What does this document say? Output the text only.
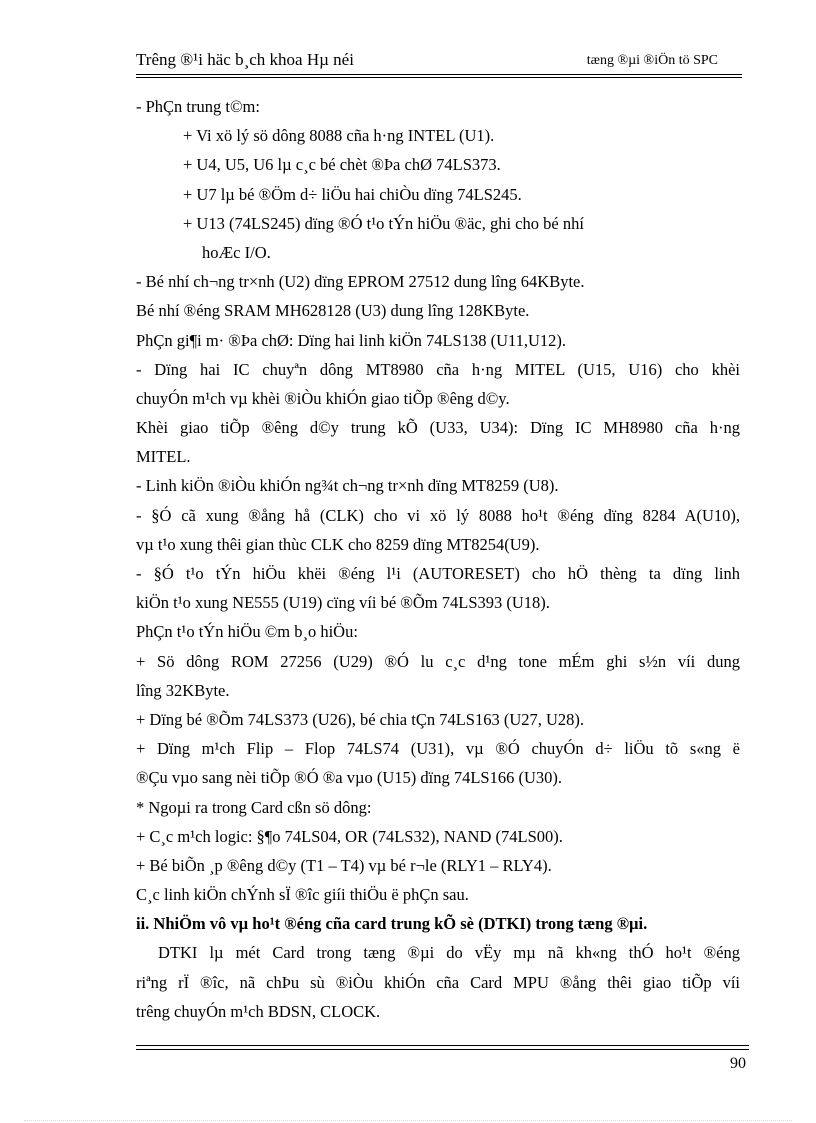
Trêng ®¹i häc b¸ch khoa Hµ néi	tæng ®µi ®iÖn tö SPC
- PhÇn trung t©m:
+ Vi xö lý sö dông 8088 cña h·ng INTEL (U1).
+ U4, U5, U6 lµ c¸c bé chèt ®Þa chØ 74LS373.
+ U7 lµ bé ®Öm d÷ liÖu hai chiÒu dïng 74LS245.
+ U13 (74LS245) dïng ®Ó t¹o tÝn hiÖu ®äc, ghi cho bé nhí
hoÆc I/O.
- Bé nhí ch¬ng tr×nh (U2) dïng EPROM 27512 dung lîng 64KByte.
Bé nhí ®éng SRAM MH628128 (U3) dung lîng 128KByte.
PhÇn gi¶i m· ®Þa chØ: Dïng hai linh kiÖn 74LS138 (U11,U12).
- Dïng hai IC chuyªn dông MT8980 cña h·ng MITEL (U15, U16) cho khèi
chuyÓn m¹ch vµ khèi ®iÒu khiÓn giao tiÕp ®êng d©y.
Khèi giao tiÕp ®êng d©y trung kÕ (U33, U34): Dïng IC MH8980 cña h·ng
MITEL.
- Linh kiÖn ®iÒu khiÓn ng¾t ch¬ng tr×nh dïng MT8259 (U8).
- §Ó cã xung ®ång hå (CLK) cho vi xö lý 8088 ho¹t ®éng dïng 8284 A(U10),
vµ t¹o xung thêi gian thùc CLK cho 8259 dïng MT8254(U9).
- §Ó t¹o tÝn hiÖu khëi ®éng l¹i (AUTORESET) cho hÖ thèng ta dïng linh
kiÖn t¹o xung NE555 (U19) cïng víi bé ®Õm 74LS393 (U18).
PhÇn t¹o tÝn hiÖu ©m b¸o hiÖu:
+ Sö dông ROM 27256 (U29) ®Ó lu c¸c d¹ng tone mÉm ghi s½n víi dung
lîng 32KByte.
+ Dïng bé ®Õm 74LS373 (U26), bé chia tÇn 74LS163 (U27, U28).
+ Dïng m¹ch Flip – Flop 74LS74 (U31), vµ ®Ó chuyÓn d÷ liÖu tõ s«ng ë
®Çu vµo sang nèi tiÕp ®Ó ®a vµo (U15) dïng 74LS166 (U30).
* Ngoµi ra trong Card cßn sö dông:
+ C¸c m¹ch logic: §¶o 74LS04, OR (74LS32), NAND (74LS00).
+ Bé biÕn ¸p ®êng d©y (T1 – T4) vµ bé r¬le (RLY1 – RLY4).
C¸c linh kiÖn chÝnh sÏ ®îc giíi thiÖu ë phÇn sau.
ii. NhiÖm vô vµ ho¹t ®éng cña card trung kÕ sè (DTKI) trong tæng ®µi.
DTKI lµ mét Card trong tæng ®µi do vËy mµ nã kh«ng thÓ ho¹t ®éng
riªng rÏ ®îc, nã chÞu sù ®iÒu khiÓn cña Card MPU ®ång thêi giao tiÕp víi
trêng chuyÓn m¹ch BDSN, CLOCK.
90
